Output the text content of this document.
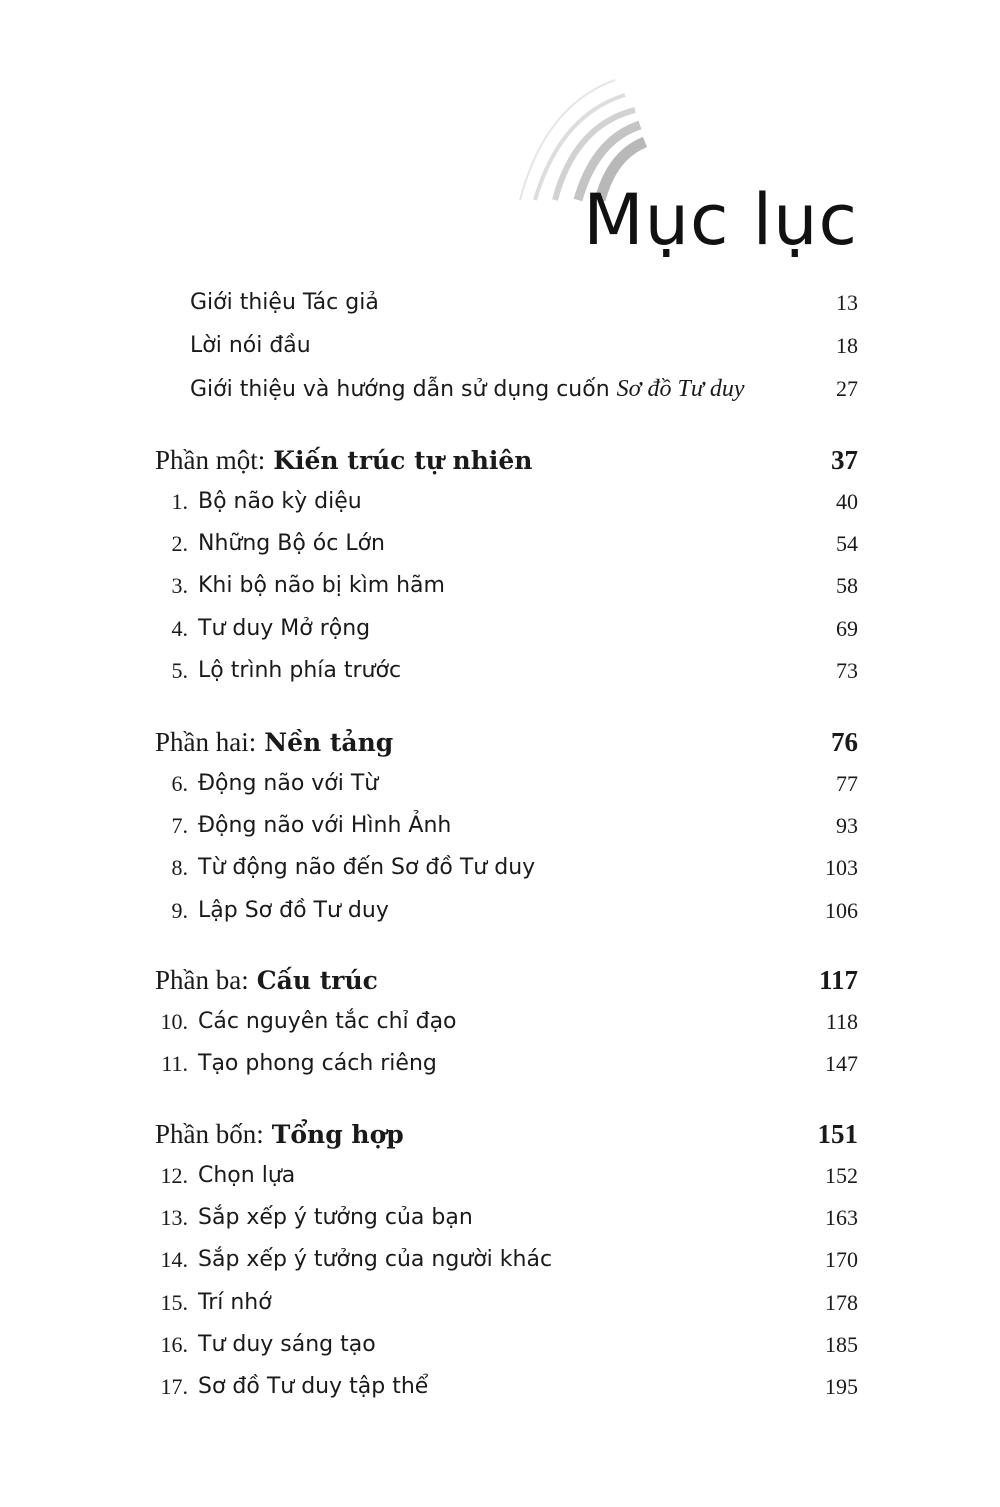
Mục lục
Giới thiệu Tác giả	13
Lời nói đầu	18
Giới thiệu và hướng dẫn sử dụng cuốn Sơ đồ Tư duy	27
Phần một: Kiến trúc tự nhiên	37
1. Bộ não kỳ diệu	40
2. Những Bộ óc Lớn	54
3. Khi bộ não bị kìm hãm	58
4. Tư duy Mở rộng	69
5. Lộ trình phía trước	73
Phần hai: Nền tảng	76
6. Động não với Từ	77
7. Động não với Hình Ảnh	93
8. Từ động não đến Sơ đồ Tư duy	103
9. Lập Sơ đồ Tư duy	106
Phần ba: Cấu trúc	117
10. Các nguyên tắc chỉ đạo	118
11. Tạo phong cách riêng	147
Phần bốn: Tổng hợp	151
12. Chọn lựa	152
13. Sắp xếp ý tưởng của bạn	163
14. Sắp xếp ý tưởng của người khác	170
15. Trí nhớ	178
16. Tư duy sáng tạo	185
17. Sơ đồ Tư duy tập thể	195
